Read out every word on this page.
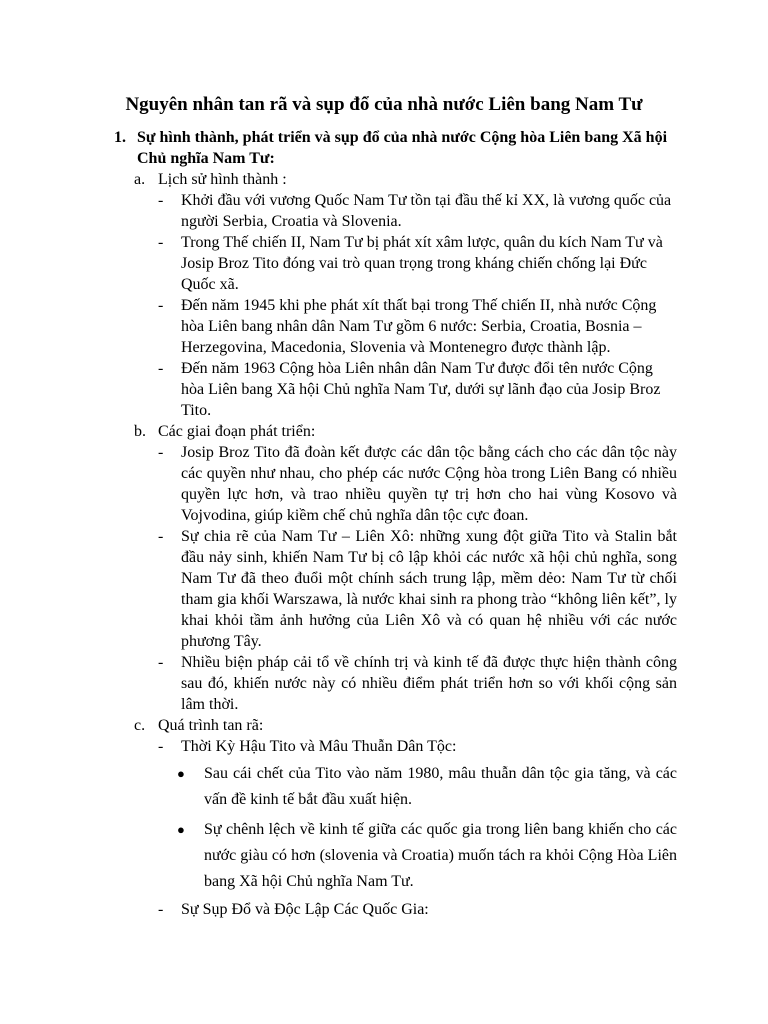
Nguyên nhân tan rã và sụp đổ của nhà nước Liên bang Nam Tư
1. Sự hình thành, phát triển và sụp đổ của nhà nước Cộng hòa Liên bang Xã hội Chủ nghĩa Nam Tư:
a. Lịch sử hình thành :
- Khởi đầu với vương Quốc Nam Tư tồn tại đầu thế kỉ XX, là vương quốc của người Serbia, Croatia và Slovenia.
- Trong Thế chiến II, Nam Tư bị phát xít xâm lược, quân du kích Nam Tư và Josip Broz Tito đóng vai trò quan trọng trong kháng chiến chống lại Đức Quốc xã.
- Đến năm 1945 khi phe phát xít thất bại trong Thế chiến II, nhà nước Cộng hòa Liên bang nhân dân Nam Tư gồm 6 nước: Serbia, Croatia, Bosnia – Herzegovina, Macedonia, Slovenia và Montenegro được thành lập.
- Đến năm 1963 Cộng hòa Liên nhân dân Nam Tư được đổi tên nước Cộng hòa Liên bang Xã hội Chủ nghĩa Nam Tư, dưới sự lãnh đạo của Josip Broz Tito.
b. Các giai đoạn phát triển:
- Josip Broz Tito đã đoàn kết được các dân tộc bằng cách cho các dân tộc này các quyền như nhau, cho phép các nước Cộng hòa trong Liên Bang có nhiều quyền lực hơn, và trao nhiều quyền tự trị hơn cho hai vùng Kosovo và Vojvodina, giúp kiềm chế chủ nghĩa dân tộc cực đoan.
- Sự chia rẽ của Nam Tư – Liên Xô: những xung đột giữa Tito và Stalin bắt đầu nảy sinh, khiến Nam Tư bị cô lập khỏi các nước xã hội chủ nghĩa, song Nam Tư đã theo đuổi một chính sách trung lập, mềm dẻo: Nam Tư từ chối tham gia khối Warszawa, là nước khai sinh ra phong trào “không liên kết”, ly khai khỏi tầm ảnh hưởng của Liên Xô và có quan hệ nhiều với các nước phương Tây.
- Nhiều biện pháp cải tổ về chính trị và kinh tế đã được thực hiện thành công sau đó, khiến nước này có nhiều điểm phát triển hơn so với khối cộng sản lâm thời.
c. Quá trình tan rã:
- Thời Kỳ Hậu Tito và Mâu Thuẫn Dân Tộc:
● Sau cái chết của Tito vào năm 1980, mâu thuẫn dân tộc gia tăng, và các vấn đề kinh tế bắt đầu xuất hiện.
● Sự chênh lệch về kinh tế giữa các quốc gia trong liên bang khiến cho các nước giàu có hơn (slovenia và Croatia) muốn tách ra khỏi Cộng Hòa Liên bang Xã hội Chủ nghĩa Nam Tư.
- Sự Sụp Đổ và Độc Lập Các Quốc Gia:
